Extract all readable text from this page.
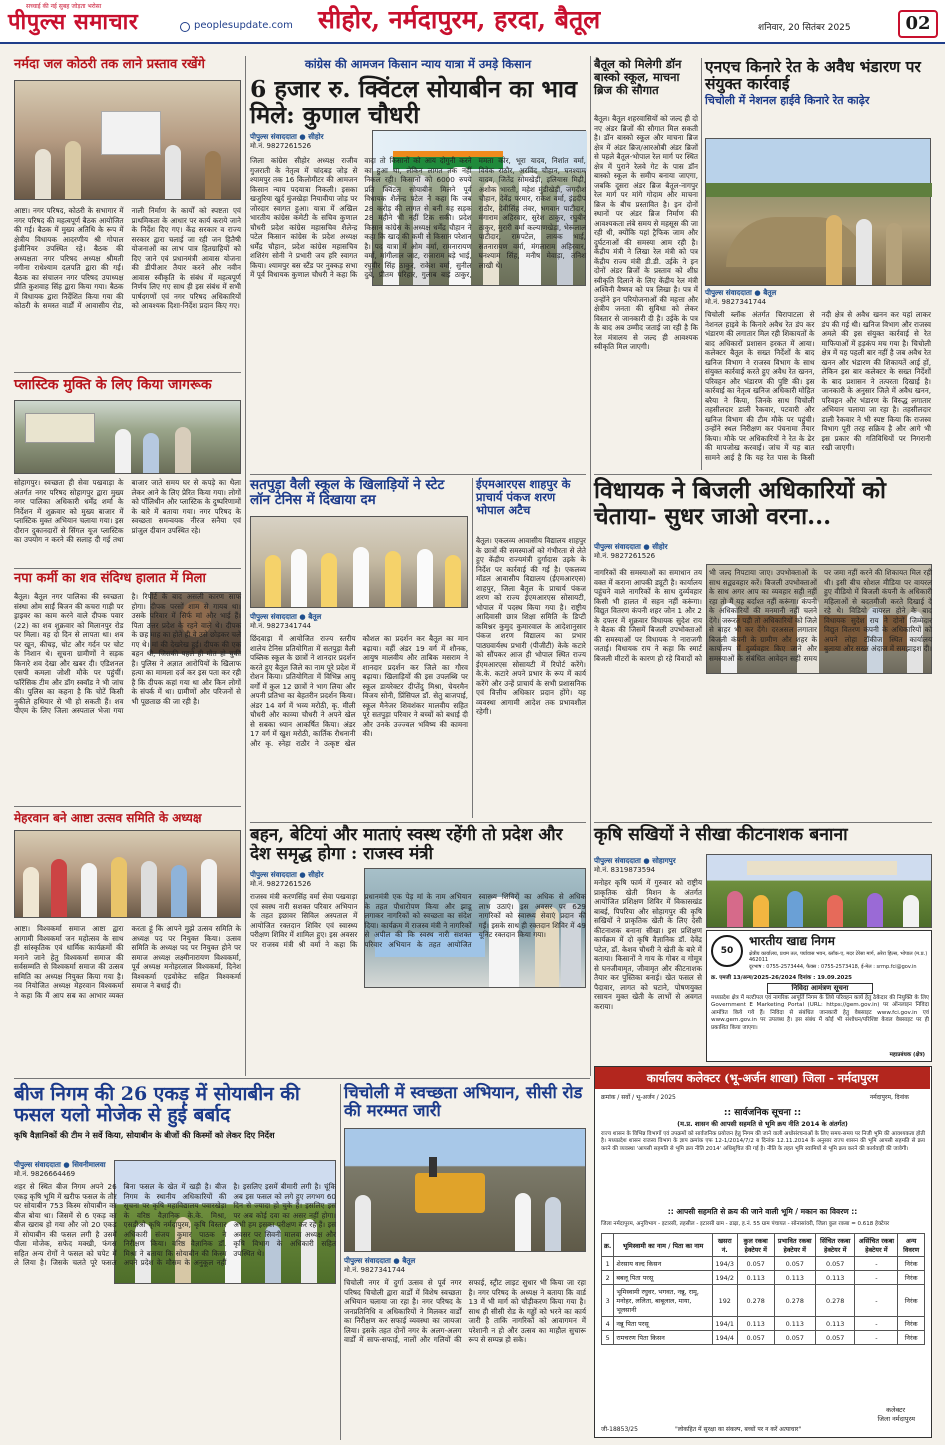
सच्चाई की नई सुबह जोड़ता भरोसा
पीपुल्स समाचार	peoplesupdate.com सीहोर, नर्मदापुरम, हरदा, बैतूल	शनिवार, 20 सितंबर 2025	02
नर्मदा जल कोठरी तक लाने प्रस्ताव रखेंगे
आष्टा। नगर परिषद, कोठरी के सभागार में नगर परिषद की महत्वपूर्ण बैठक आयोजित की गई। बैठक में मुख्य अतिथि के रूप में क्षेत्रीय विधायक आदरणीय श्री गोपाल इंजीनियर उपस्थित रहे। बैठक की अध्यक्षता नगर परिषद अध्यक्ष श्रीमती नगीना राधेश्याम दलपति द्वारा की गई। बैठक का संचालन नगर परिषद उपाध्यक्ष प्रीति कुशवाह सिंह द्वारा किया गया। बैठक में विधायक द्वारा निर्देशित किया गया की कोठरी के समस्त वार्डों में आवासीय रोड, नाली निर्माण के कार्यों को स्पष्टता एवं प्राथमिकता के आधार पर कार्य कराये जाने के निर्देश दिए गए। केंद्र सरकार व राज्य सरकार द्वारा चलाई जा रही जन हितैषी योजनाओं का लाभ पात्र हितग्राहियों को दिए जाने एवं प्रधानमंत्री आवास योजना की डीपीआर तैयार करने और नवीन आवास स्वीकृति के संबंध में महत्वपूर्ण निर्णय लिए गए साथ ही इस संबंध में सभी पार्षदगणों एवं नगर परिषद अधिकारियों को आवश्यक दिशा-निर्देश प्रदान किए गए।
प्लास्टिक मुक्ति के लिए किया जागरूक
सोहागपुर। स्वच्छता ही सेवा पखवाड़ा के अंतर्गत नगर परिषद सोहागपुर द्वारा मुख्य नगर पालिका अधिकारी धर्मेंद्र शर्मा के निर्देशन में शुक्रवार को मुख्य बाजार में प्लास्टिक मुक्त अभियान चलाया गया। इस दौरान दुकानदारों से सिंगल यूज प्लास्टिक का उपयोग न करने की सलाह दी गई तथा बाजार जाते समय घर से कपड़े का थैला लेकर आने के लिए प्रेरित किया गया। लोगों को पॉलिथीन और प्लास्टिक के दुष्परिणामों के बारे में बताया गया। नगर परिषद के स्वच्छता समन्वयक नीरज सनैया एवं प्रांजुल दीवान उपस्थित रहे।
नपा कर्मी का शव संदिग्ध हालात में मिला
बैतूल। बैतूल नगर पालिका की स्वच्छता संस्था ओम साईं बिजन की कचरा गाड़ी पर ड्राइवर का काम करने वाले दीपक पवार (22) का शव शुक्रवार को मिलानपुर रोड पर मिला। वह दो दिन से लापता था। शव पर खून, कीचड़, चोट और गर्दन पर चोट के निशान थे। सूचना ग्रामीणों ने सड़क किनारे शव देखा और खबर दी। एडिशनल एसपी कमला जोशी मौके पर पहुंचीं। फॉरेंसिक टीम और डॉग स्क्वॉड ने भी जांच की। पुलिस का कहना है कि चोटें किसी नुकीले हथियार से भी हो सकती हैं। शव पीएम के लिए जिला अस्पताल भेजा गया है। रिपोर्ट के बाद असली कारण साफ होगा। दीपक परसों शाम से गायब था। उसके परिवार में सिर्फ मां और भाई हैं। पिता उत्तर प्रदेश के रहने वाले थे। दीपक के छह माह का होते ही वे उसे छोड़कर चले गए थे। मां की देखरेख हुई। दीपक की एक बहन थी, जिसकी पहले ही मौत हो चुकी है। पुलिस ने अज्ञात आरोपियों के खिलाफ हत्या का मामला दर्ज कर इस पता कर रही है कि दीपक कहां गया था और किन लोगों के संपर्क में था। ग्रामीणों और परिजनों से भी पूछताछ की जा रही है।
मेहरवान बने आष्टा उत्सव समिति के अध्यक्ष
आष्टा। विश्वकर्मा समाज आष्टा द्वारा आगामी विश्वकर्मा जन महोत्सव के साथ ही सांस्कृतिक एवं धार्मिक कार्यक्रमों की मनाने जाने हेतु विश्वकर्मा समाज की सर्वसम्मति से विश्वकर्मा समाज की उत्सव समिति का अध्यक्ष नियुक्त किया गया है। नव नियोजित अध्यक्ष मेहरवान विश्वकर्मा ने कहा कि मैं आप सब का आभार व्यक्त करता हूं कि आपने मुझे उत्सव समिति के अध्यक्ष पद पर नियुक्त किया। उत्सव समिति के अध्यक्ष पद पर नियुक्त होने पर समाज अध्यक्ष लक्ष्मीनारायण विश्वकर्मा, पूर्व अध्यक्ष मनोहरलाल विश्वकर्मा, दिनेश विश्वकर्मा एडवोकेट सहित विश्वकर्मा समाज ने बधाई दी।
कांग्रेस की आमजन किसान न्याय यात्रा में उमड़े किसान
6 हजार रु. क्विंटल सोयाबीन का भाव मिले: कुणाल चौधरी
पीपुल्स संवाददाता ● सीहोर
मो.नं. 9827261526
जिला कांग्रेस सीहोर अध्यक्ष राजीव गुजराती के नेतृत्व में चांदबड़ जोड़ से श्यामपुर तक 16 किलोमीटर की आमजन किसान न्याय पदयात्रा निकली। इसका खजुरिया खुर्द मुंजखेड़ा नियावीया जोड़ पर जोरदार स्वागत हुआ। यात्रा में अखिल भारतीय कांग्रेस कमेटी के सचिव कुणाल चौधरी प्रदेश कांग्रेस महासचिव शैलेन्द्र पटेल किसान कांग्रेस के प्रदेश अध्यक्ष धर्मेंद्र चौहान, प्रदेश कांग्रेस महासचिव शशिरंग सोनी ने प्रभारी जय हरि स्वागत किया। श्यामपुर बस स्टैंड पर नुक्कड़ सभा में पूर्व विधायक कुणाल चौधरी ने कहा कि वादा तो किसानों को आय दोगुनी करने का हुआ था, लेकिन लागत तक नहीं निकल रही। किसानों को 6000 रुपये प्रति क्विंटल सोयाबीन मिलने पूर्व विधायक शैलेन्द्र पटेल ने कहा कि जब 28 करोड़ की लागत से बनी यह सड़क 28 महीने भी नहीं टिक सकी। प्रदेश किसान कांग्रेस के अध्यक्ष धर्मेंद्र चौहान ने कहा कि खाद की कमी से किसान परेशान है। पद यात्रा में ओम वर्मा, रामनारायण वर्मा, मांगीलाल जाट, राजाराम बड़े भाई, रघुवीर सिंह ठाकुर, राकेश वर्मा, सुनील दुबे, प्रीतम परिहार, गुलाब बाई ठाकुर, ममता कोर, भूरा यादव, निशांत वर्मा, विवेक राठौर, अरविंद चौहान, घनश्याम यादव, जितेंद्र सोमखेड़ी, इलियास मिढ़ी, अशोक भारती, महेश मुंडीखेड़ी, जगदीश चौहान, देवेंद्र परमार, राकेश वर्मा, इंद्रदीप राठौर, देवीसिंह तंवर, भगवान पाटीदार, मंगाराम अहिरवार, सुरेश ठाकुर, रघुबीर ठाकुर, मुरारी वर्मा कल्याणखेड़ा, भेरूलाल पाटीदार, रामपटेल, लायक भाई, सतनारायण वर्मा, मंगलाराम अहिरवार, घनश्याम सिंह, मनीष मेवाड़ा, तनिश लाखी थे।
सतपुड़ा वैली स्कूल के खिलाड़ियों ने स्टेट लॉन टेनिस में दिखाया दम
पीपुल्स संवाददाता ● बैतूल
मो.नं. 9827341744
छिंदवाड़ा में आयोजित राज्य स्तरीय शालेय टेनिस प्रतियोगिता में सतपुड़ा वैली पब्लिक स्कूल के छात्रों ने शानदार प्रदर्शन करते हुए बैतूल जिले का नाम पूरे प्रदेश में रोशन किया। प्रतियोगिता में विभिन्न आयु वर्गों में कुल 12 छात्रों ने भाग लिया और अपनी प्रतिभा का बेहतरीन प्रदर्शन किया। अंडर 14 वर्ग में भव्य मरोठी, कृ. मीली चौधरी और काव्या चौधरी ने अपने खेल से सबका ध्यान आकर्षित किया। अंडर 17 वर्ग में खुश मरोठी, कार्तिक रौधनानी और कृ. स्नेहा राठौर ने उत्कृष्ट खेल कौशल का प्रदर्शन कर बैतूल का मान बढ़ाया। वहीं अंडर 19 वर्ग में शौनक, आयुष मालवीय और ताबिक मसराम ने शानदार प्रदर्शन कर जिले का गौरव बढ़ाया। खिलाड़ियों की इस उपलब्धि पर स्कूल डायरेक्टर दीप्तेंदु मिश्रा, चेयरमैन विजय सोनी, प्रिंसिपल डॉ. सेतु बाजपाई, स्कूल मैनेजर शिवशंकर मालवीय सहित पूरे सतपुड़ा परिवार ने बच्चों को बधाई दी और उनके उज्ज्वल भविष्य की कामना की।
ईएमआरएस शाहपुर के प्राचार्य पंकज शरण भोपाल अटैच
बैतूल। एकलव्य आवासीय विद्यालय शाहपुर के छात्रों की समस्याओं को गंभीरता से लेते हुए केंद्रीय राज्यमंत्री दुर्गादास उइके के निर्देश पर कार्रवाई की गई है। एकलव्य मॉडल आवासीय विद्यालय (ईएमआरएस) शाहपुर, जिला बैतूल के प्राचार्य पंकज शरण को राज्य ईएमआरएस सोसायटी, भोपाल में पदस्थ किया गया है। राष्ट्रीय आदिवासी छात्र शिक्षा समिति के डिप्टी कमिश्नर कुमुद कुमारवाल के आदेशानुसार पंकज शरण विद्यालय का प्रभार पाठ्यवार्यस्थ प्रभारी (पीजीटी) केके कटारे को सौंपकर आज ही भोपाल स्थित राज्य ईएमआरएस सोसायटी में रिपोर्ट करेंगे। के.के. कटारे अपने प्रभार के रूप में कार्य करेंगे और उन्हें प्राचार्य के सभी प्रशासनिक एवं वित्तीय अधिकार प्रदान होंगे। यह व्यवस्था आगामी आदेश तक प्रभावशील रहेगी।
बहन, बेटियां और माताएं स्वस्थ रहेंगी तो प्रदेश और देश समृद्ध होगा : राजस्व मंत्री
पीपुल्स संवाददाता ● सीहोर
मो.नं. 9827261526
राजस्व मंत्री करणसिंह वर्मा सेवा पखवाड़ा एवं स्वस्थ नारी सशक्त परिवार अभियान के तहत इछावर सिविल अस्पताल में आयोजित रक्तदान शिविर एवं स्वास्थ्य परीक्षण शिविर में शामिल हुए। इस अवसर पर राजस्व मंत्री श्री वर्मा ने कहा कि प्रधानमंत्री एक पेड़ मां के नाम अभियान के तहत पौधारोपण किया और झाडू लगाकर नागरिकों को स्वच्छता का संदेश दिया। कार्यक्रम में राजस्व मंत्री ने नागरिकों से अपील की कि स्वस्थ नारी सशक्त परिवार अभियान के तहत आयोजित स्वास्थ्य शिविरों का अधिक से अधिक लाभ उठाएं। इस अवसर पर 629 नागरिकों को स्वास्थ्य सेवाएं प्रदान की गईं। इसके साथ ही रक्तदान शिविर में 49 यूनिट रक्तदान किया गया।
बैतूल को मिलेगी डॉन बास्को स्कूल, माचना ब्रिज की सौगात
बैतूल। बैतूल शहरवासियों को जल्द ही दो नए अंडर ब्रिजों की सौगात मिल सकती है। डॉन बास्को स्कूल और माचना ब्रिज क्षेत्र में अंडर ब्रिज/आरओबी अंडर ब्रिजों से पहले बैतूल-भोपाल रेल मार्ग पर स्थित क्षेत्र में पुराने रेलवे गेट के पास डॉन बास्को स्कूल के समीप बनाया जाएगा, जबकि दूसरा अंडर ब्रिज बैतूल-नागपुर रेल मार्ग पर मांगे गोदाम और माचना ब्रिज के बीच प्रस्तावित है। इन दोनों स्थानों पर अंडर ब्रिज निर्माण की आवश्यकता लंबे समय से महसूस की जा रही थी, क्योंकि यहां ट्रैफिक जाम और दुर्घटनाओं की समस्या आम रही है। केंद्रीय मंत्री ने लिखा रेल मंत्री को पत्र केंद्रीय राज्य मंत्री डी.डी. उईके ने इन दोनों अंडर ब्रिजों के प्रस्ताव को शीघ्र स्वीकृति दिलाने के लिए केंद्रीय रेल मंत्री अश्विनी वैष्णव को पत्र लिखा है। पत्र में उन्होंने इन परियोजनाओं की महत्ता और क्षेत्रीय जनता की सुविधा को लेकर विस्तार से जानकारी दी है। उईके के पत्र के बाद अब उम्मीद जताई जा रही है कि रेल मंत्रालय से जल्द ही आवश्यक स्वीकृति मिल जाएगी।
एनएच किनारे रेत के अवैध भंडारण पर संयुक्त कार्रवाई
चिचोली में नेशनल हाईवे किनारे रेत काढ़ेर
पीपुल्स संवाददाता ● बैतूल
मो.नं. 9827341744
चिचोली ब्लॉक अंतर्गत चिरापाटला से नेशनल हाइवे के किनारे अवैध रेत डंप कर भंडारण की लगातार मिल रही शिकायतों के बाद अधिकारों प्रशासन हरकत में आया। कलेक्टर बैतूल के सख्त निर्देशों के बाद खनिज विभाग ने राजस्व विभाग के साथ संयुक्त कार्रवाई करते हुए अवैध रेत खनन, परिवहन और भंडारण की पुष्टि की। इस कार्रवाई का नेतृत्व खनिज अधिकारी मोहित बरैया ने किया, जिनके साथ चिचोली तहसीलदार डाली रैकवार, पटवारी और खनिज विभाग की टीम मौके पर पहुंची। उन्होंने स्थल निरीक्षण कर पंचनामा तैयार किया। मौके पर अधिकारियों ने रेत के ढेर की मापजोख करवाई। जांच में यह बात सामने आई है कि यह रेत पास के किसी नदी क्षेत्र से अवैध खनन कर यहां लाकर डंप की गई थी। खनिज विभाग और राजस्व अमले की इस संयुक्त कार्रवाई से रेत माफियाओं में हड़कंप मच गया है। चिचोली क्षेत्र में यह पहली बार नहीं है जब अवैध रेत खनन और भंडारण की शिकायतें आई हों, लेकिन इस बार कलेक्टर के सख्त निर्देशों के बाद प्रशासन ने तत्परता दिखाई है। जानकारी के अनुसार जिले में अवैध खनन, परिवहन और भंडारण के विरुद्ध लगातार अभियान चलाया जा रहा है। तहसीलदार डाली रैकवार ने भी स्पष्ट किया कि राजस्व विभाग पूरी तरह सक्रिय है और आगे भी इस प्रकार की गतिविधियों पर निगरानी रखी जाएगी।
विधायक ने बिजली अधिकारियों को चेताया- सुधर जाओ वरना...
पीपुल्स संवाददाता ● सीहोर
मो.नं. 9827261526
नागरिकों की समस्याओं का समाधान तय वक्त में कराना आपकी ड्यूटी है। कार्यालय पहुंचने वाले नागरिकों के साथ दुर्व्यवहार किसी भी हालत में सहन नहीं करूंगा। विद्युत वितरण कंपनी शहर जोन 1 और 2 के दफ्तर में शुक्रवार विधायक सुदेश राय ने बैठक की जिसमें बिजली उपभोक्ताओं की समस्याओं पर विधायक ने नाराजगी जताई। विधायक राय ने कहा कि स्मार्ट बिजली मीटरों के कारण हो रहे विवादों को भी जल्द निपटाया जाए। उपभोक्ताओं के साथ सद्व्यवहार करें। बिजली उपभोक्ताओं के साथ अगर आप का व्यवहार सही नहीं रहा तो मैं यह बर्दाश्त नहीं करूंगा। कंपनी के अधिकारियों की मनमानी नहीं चलने देंगे। जरूरत पड़ी तो अधिकारियों को जिले से बाहर भी कर देंगे। दरअसल लगातार बिजली कंपनी के ग्रामीण और शहर के कार्यालय में दुर्व्यवहार किए जाने और समस्याओं के संबंधित आवेदन सही समय पर जमा नहीं करने की शिकायत मिल रही थी। इसी बीच सोशल मीडिया पर वायरल हुए वीडियो में बिजली कंपनी के अधिकारी महिलाओं से बदतमीजी करते दिखाई दे रहे थे। विडियो वायरल होने के बाद विधायक सुदेश राय ने दोनों जिम्मेदार विद्युत वितरण कंपनी के अधिकारियों को अपने लोहा टॉकीज स्थित कार्यालय बुलाया और सख्त अंदाज में समझाइश दी।
कृषि सखियों ने सीखा कीटनाशक बनाना
पीपुल्स संवाददाता ● सोहागपुर
मो.नं. 8319873594
मनोहर कृषि फार्म में गुरुवार को राष्ट्रीय प्राकृतिक खेती मिशन के अंतर्गत आयोजित प्रशिक्षण शिविर में विकासखंड बाबई, पिपरिया और सोहागपुर की कृषि सखियों ने प्राकृतिक खेती के लिए देसी कीटनाशक बनाना सीखा। इस प्रशिक्षण कार्यक्रम में दो कृषि वैज्ञानिक डॉ. देवेंद्र पटेल, डॉ. केशव चौधरी ने खेती के बारे में बताया। किसानों ने गाय के गोबर व गोमूत्र से घनजीवामृत, जीवामृत और कीटनाशक तैयार कर पुस्तिका बनाई। खेत फसल से पैदावार, लागत को घटाने, पोषणयुक्त रसायन मुक्त खेती के लाभों से अवगत कराया।
50
भारतीय खाद्य निगम
क्षेत्रीय कार्यालय, प्रथम तल, पर्यावास भवन, ब्लॉक-ए, मदर टेरेसा मार्ग, अरेरा हिल्स, भोपाल (म.प्र.) 462011
दूरभाष : 0755-2573444, फैक्स : 0755-2573418, ई-मेल : srmp.fci@gov.in
क्र. एमजी 13/अन्य/2025-26/2024 दिनांक : 19.09.2025
निविदा आमंत्रण सूचना
मध्यप्रदेश क्षेत्र में मल्टीपल एवं नागरिक आपूर्ति निगम के लिये परिवहन कार्य हेतु ठेकेदार की नियुक्ति के लिए Government E Marketing Portal (URL: https://gem.gov.in) पर ऑनलाइन निविदा आमंत्रित किये गये हैं। निविदा से संबंधित जानकारी हेतु वेबसाइट www.fci.gov.in एवं www.gem.gov.in पर उपलब्ध है। इस संबंध में कोई भी संशोधन/परिशिष्ट केवल वेबसाइट पर ही प्रकाशित किया जाएगा।
महाप्रबंधक (क्षेत्र)
बीज निगम की 26 एकड़ में सोयाबीन की फसल यलो मोजेक से हुई बर्बाद
कृषि वैज्ञानिकों की टीम ने सर्वे किया, सोयाबीन के बीजों की किस्मों को लेकर दिए निर्देश
पीपुल्स संवाददाता ● सिवनीमालवा
मो.नं. 9826664469
शहर से स्थित बीज निगम अपने 26 एकड़ कृषि भूमि में खरीफ फसल के तौर पर सोयाबीन 753 किस्म सोयाबीन का बीज बोया था। जिसमें से 6 एकड़ का बीज खराब हो गया और जो 20 एकड़ में सोयाबीन की फसल लगी है उसमें पीला मोजेक, सफेद मक्खी, फंगस सहित अन्य रोगों ने फसल को चपेट में ले लिया है। जिसके चलते पूरे फसल बिना फसल के खेत में खड़ी है। बीज निगम के स्थानीय अधिकारियों की सूचना पर कृषि महाविद्यालय पवारखेड़ा के वरिष्ठ वैज्ञानिक के.के. मिश्रा, एसडीओ कृषि नर्मदापुरम, कृषि विस्तार अधिकारी संजय कुमार पाठक ने निरीक्षण किया। वरिष्ठ वैज्ञानिक डॉ. मिश्रा ने बताया कि सोयाबीन की किस्म अपने प्रदेश के मौसम के अनुकूल नहीं है। इसलिए इसमें बीमारी लगी है। चूंकि अब इस फसल को लगे हुए लगभग 60 दिन से ज्यादा हो चुके हैं। इसलिए इस पर अब कोई दवा का असर नहीं होगा। अभी हम इसका परीक्षण कर रहे हैं। इस अवसर पर सिवनी मालवा अध्यक्ष और कृषि विभाग के अधिकारी सहित उपस्थित थे।
चिचोली में स्वच्छता अभियान, सीसी रोड की मरम्मत जारी
पीपुल्स संवाददाता ● बैतूल
मो.नं. 9827341744
चिचोली नगर में दुर्गा उत्सव से पूर्व नगर परिषद चिचोली द्वारा वार्डों में विशेष स्वच्छता अभियान चलाया जा रहा है। नगर परिषद के जनप्रतिनिधि व अधिकारियों ने मिलकर वार्डों का निरीक्षण कर सफाई व्यवस्था का जायजा लिया। इसके तहत दोनों नगर के अलग-अलग वार्डों में साफ-सफाई, नालों और गलियों की सफाई, स्ट्रीट लाइट सुधार भी किया जा रहा है। नगर परिषद के अध्यक्ष ने बताया कि वार्ड 13 में भी मार्ग को चौड़ीकरण किया गया है। साथ ही सीसी रोड के गड्ढों को भरने का कार्य जारी है ताकि नागरिकों को आवागमन में परेशानी न हो और उत्सव का माहौल सुचारू रूप से सम्पन्न हो सके।
कार्यालय कलेक्टर (भू-अर्जन शाखा) जिला - नर्मदापुरम
क्रमांक / सर्वो / भू-अर्जन / 2025	नर्मदापुरम, दिनांक
:: सार्वजनिक सूचना ::
(म.प्र. शासन की आपसी सहमति से भूमि क्रय नीति 2014 के अंतर्गत)
राज्य शासन के विभिन्न विभागों एवं उपक्रमों को सार्वजनिक प्रयोजन हेतु निगम की जाने वाली अधोसंरचनाओं के लिए समय-समय पर निजी भूमि की आवश्यकता होती है। मध्यप्रदेश शासन राजस्व विभाग के ज्ञाप क्रमांक एफ 12-1/2014/7/2 ब दिनांक 12.11.2014 के अनुसार राज्य शासन की भूमि आपसी सहमति से क्रय करने की व्यवस्था 'आपसी सहमति से भूमि क्रय नीति 2014' अधिसूचित की गई है। नीति के तहत भूमि स्वामियों से भूमि क्रय करने की कार्यवाही की जावेगी।
:: आपसी सहमति से क्रय की जाने वाली भूमि / मकान का विवरण ::
जिला नर्मदापुरम, अनुविभाग - इटारसी, तहसील - इटारसी ग्राम - ढाढ़ा, ह.नं. 55 ग्राम पंचायत - सोनासांवरी, जिला कुल रकबा = 0.618 हेक्टेयर
क्र.	भूमिस्वामी का नाम / पिता का नाम	खसरा नं.	कुल रकबा हेक्टेयर में	प्रभावित रकबा हेक्टेयर में	सिंचित रकबा हेक्टेयर में	असिंचित रकबा हेक्टेयर में	अन्य विवरण
1	शेरसाय वल्द किसन	194/3	0.057	0.057	0.057	-	निरंक
2	बबलू पिता परसू	194/2	0.113	0.113	0.113	-	निरंक
3	भूमिस्वामी रघुवर, भगवत, नन्नू, रामू, मनोहर, ललिता, बाबूलाल, माया, भूलसानी	192	0.278	0.278	0.278	-	निरंक
4	नन्नू पिता परसू	194/1	0.113	0.113	0.113	-	निरंक
5	रामचरण पिता किसन	194/4	0.057	0.057	0.057	-	निरंक
कलेक्टर
जिला नर्मदापुरम
जी-18853/25	"लोकहित में सुरक्षा का संकल्प, बच्चों पर न करें अत्याचार"
